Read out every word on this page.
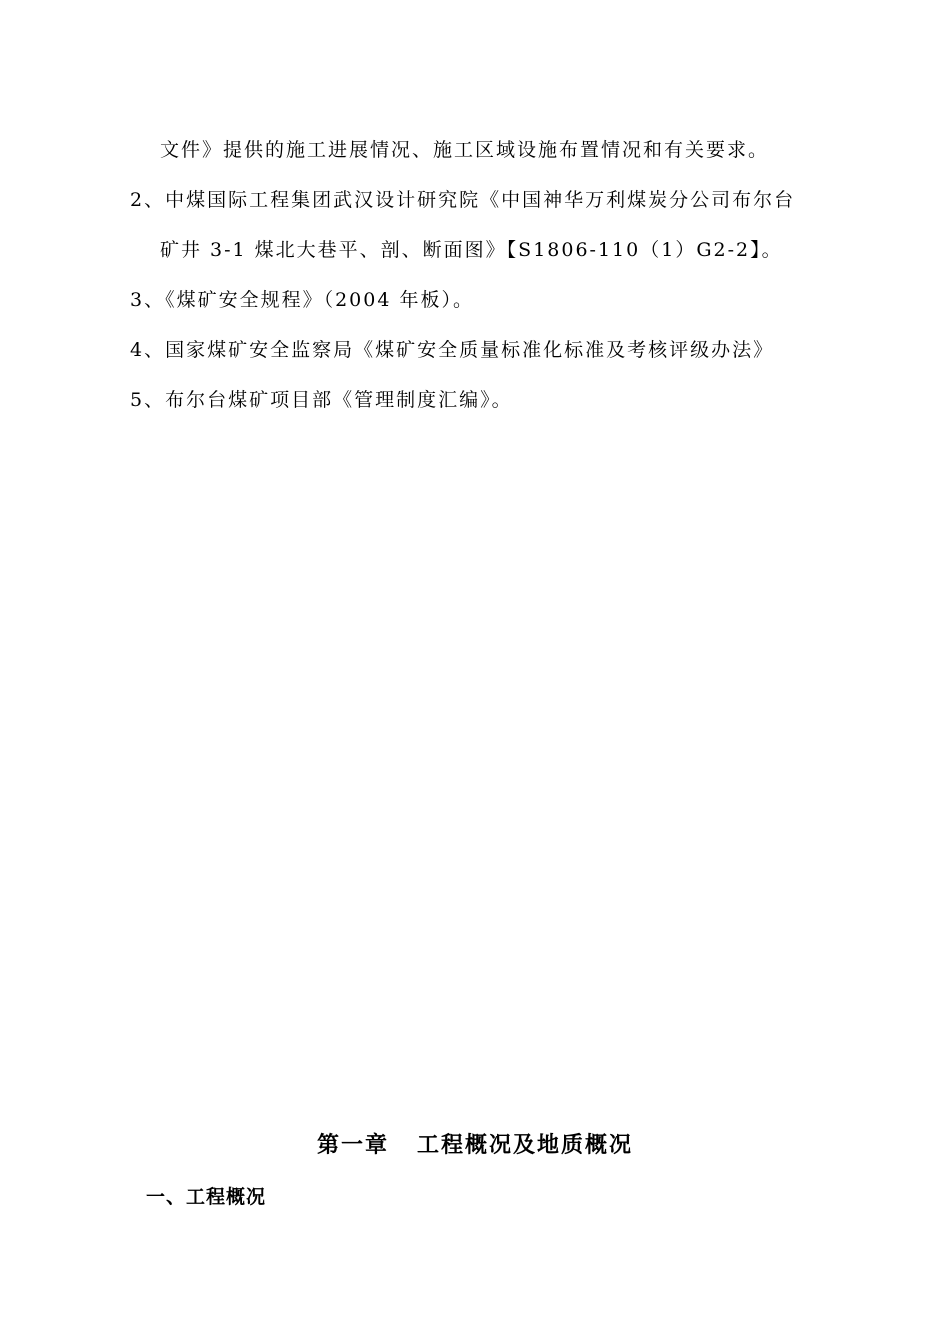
文件》提供的施工进展情况、施工区域设施布置情况和有关要求。
2、中煤国际工程集团武汉设计研究院《中国神华万利煤炭分公司布尔台
矿井 3-1 煤北大巷平、剖、断面图》【S1806-110（1）G2-2】。
3、《煤矿安全规程》（2004 年板）。
4、国家煤矿安全监察局《煤矿安全质量标准化标准及考核评级办法》
5、布尔台煤矿项目部《管理制度汇编》。
第一章 工程概况及地质概况
一、工程概况
